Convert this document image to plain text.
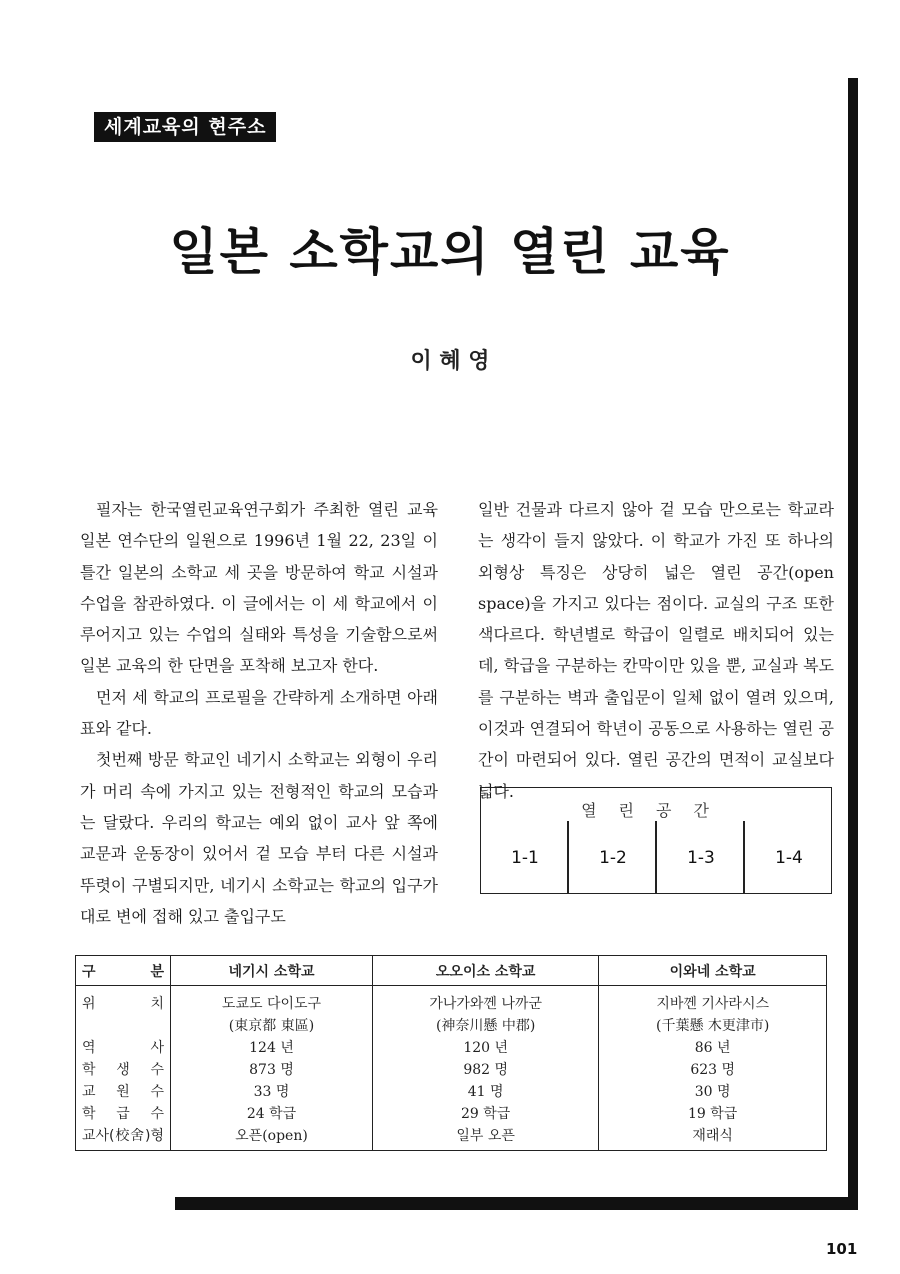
세계교육의 현주소
일본 소학교의 열린 교육
이 혜 영

필자는 한국열린교육연구회가 주최한 열린 교육 일본 연수단의 일원으로 1996년 1월 22, 23일 이틀간 일본의 소학교 세 곳을 방문하여 학교 시설과 수업을 참관하였다. 이 글에서는 이 세 학교에서 이루어지고 있는 수업의 실태와 특성을 기술함으로써 일본 교육의 한 단면을 포착해 보고자 한다.

먼저 세 학교의 프로필을 간략하게 소개하면 아래 표와 같다.

첫번째 방문 학교인 네기시 소학교는 외형이 우리가 머리 속에 가지고 있는 전형적인 학교의 모습과는 달랐다. 우리의 학교는 예외 없이 교사 앞 쪽에 교문과 운동장이 있어서 겉 모습 부터 다른 시설과 뚜렷이 구별되지만, 네기시 소학교는 학교의 입구가 대로 변에 접해 있고 출입구도

일반 건물과 다르지 않아 겉 모습 만으로는 학교라는 생각이 들지 않았다. 이 학교가 가진 또 하나의 외형상 특징은 상당히 넓은 열린 공간(open space)을 가지고 있다는 점이다. 교실의 구조 또한 색다르다. 학년별로 학급이 일렬로 배치되어 있는데, 학급을 구분하는 칸막이만 있을 뿐, 교실과 복도를 구분하는 벽과 출입문이 일체 없이 열려 있으며, 이것과 연결되어 학년이 공동으로 사용하는 열린 공간이 마련되어 있다. 열린 공간의 면적이 교실보다 넓다.

열린공간
1-1	1-2	1-3	1-4
구 분	네기시 소학교	오오이소 소학교	이와네 소학교
위 치	도쿄도 다이도구	가나가와껜 나까군	지바껜 기사라시스
	(東京都 東區)	(神奈川懸 中郡)	(千葉懸 木更津市)
역 사	124 년	120 년	86 년
학 생 수	873 명	982 명	623 명
교 원 수	33 명	41 명	30 명
학 급 수	24 학급	29 학급	19 학급
교사(校舍)형	오픈(open)	일부 오픈	재래식
101
